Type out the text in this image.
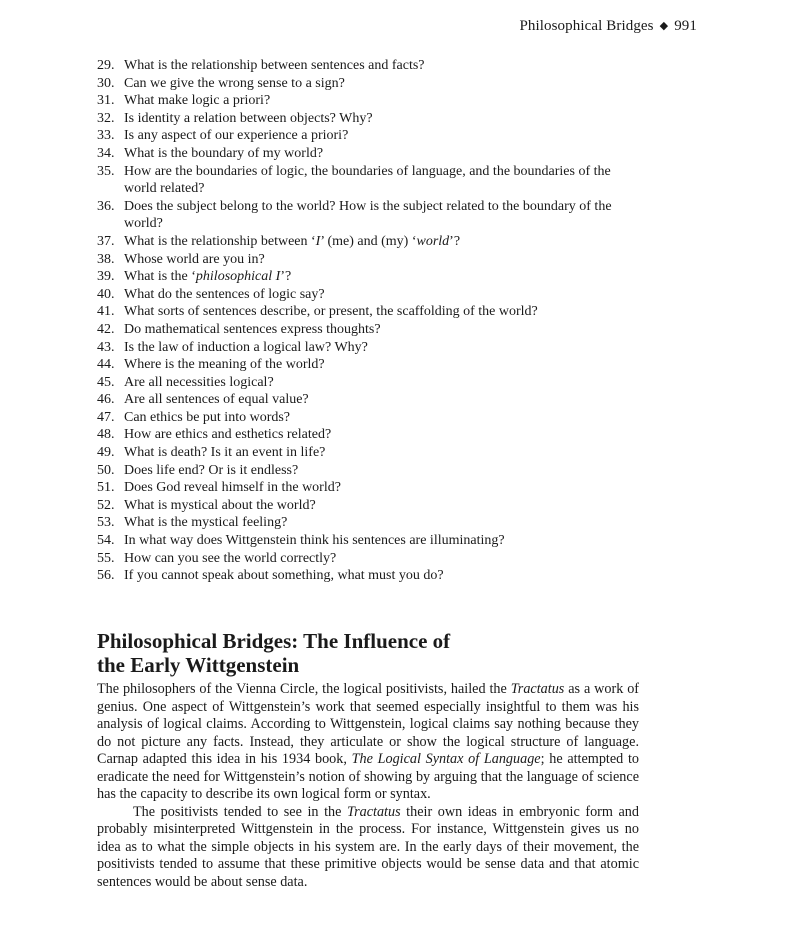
Philosophical Bridges ◆ 991
29. What is the relationship between sentences and facts?
30. Can we give the wrong sense to a sign?
31. What make logic a priori?
32. Is identity a relation between objects? Why?
33. Is any aspect of our experience a priori?
34. What is the boundary of my world?
35. How are the boundaries of logic, the boundaries of language, and the boundaries of the world related?
36. Does the subject belong to the world? How is the subject related to the boundary of the world?
37. What is the relationship between ‘I’ (me) and (my) ‘world’?
38. Whose world are you in?
39. What is the ‘philosophical I’?
40. What do the sentences of logic say?
41. What sorts of sentences describe, or present, the scaffolding of the world?
42. Do mathematical sentences express thoughts?
43. Is the law of induction a logical law? Why?
44. Where is the meaning of the world?
45. Are all necessities logical?
46. Are all sentences of equal value?
47. Can ethics be put into words?
48. How are ethics and esthetics related?
49. What is death? Is it an event in life?
50. Does life end? Or is it endless?
51. Does God reveal himself in the world?
52. What is mystical about the world?
53. What is the mystical feeling?
54. In what way does Wittgenstein think his sentences are illuminating?
55. How can you see the world correctly?
56. If you cannot speak about something, what must you do?
Philosophical Bridges: The Influence of
the Early Wittgenstein

The philosophers of the Vienna Circle, the logical positivists, hailed the Tractatus as a work of genius. One aspect of Wittgenstein’s work that seemed especially insightful to them was his analysis of logical claims. According to Wittgenstein, logical claims say nothing because they do not picture any facts. Instead, they articulate or show the logical structure of language. Carnap adapted this idea in his 1934 book, The Logical Syntax of Language; he attempted to eradicate the need for Wittgenstein’s notion of showing by arguing that the language of science has the capacity to describe its own logical form or syntax.

The positivists tended to see in the Tractatus their own ideas in embryonic form and probably misinterpreted Wittgenstein in the process. For instance, Wittgenstein gives us no idea as to what the simple objects in his system are. In the early days of their movement, the positivists tended to assume that these primitive objects would be sense data and that atomic sentences would be about sense data.
